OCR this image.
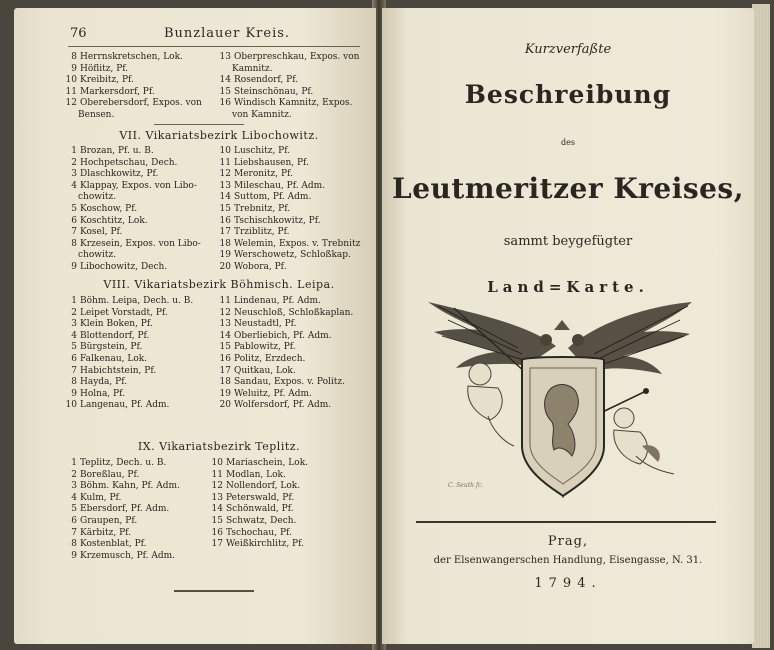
76	Bunzlauer Kreis.
8 Herrnskretschen, Lok.
9 Höflitz, Pf.
10 Kreibitz, Pf.
11 Markersdorf, Pf.
12 Oberebersdorf, Expos. von
Bensen.
13 Oberpreschkau, Expos. von
Kamnitz.
14 Rosendorf, Pf.
15 Steinschönau, Pf.
16 Windisch Kamnitz, Expos.
von Kamnitz.
VII. Vikariatsbezirk Libochowitz.
1 Brozan, Pf. u. B.
2 Hochpetschau, Dech.
3 Dlaschkowitz, Pf.
4 Klappay, Expos. von Libo-
chowitz.
5 Koschow, Pf.
6 Koschtitz, Lok.
7 Kosel, Pf.
8 Krzesein, Expos. von Libo-
chowitz.
9 Libochowitz, Dech.
10 Luschitz, Pf.
11 Liebshausen, Pf.
12 Meronitz, Pf.
13 Mileschau, Pf. Adm.
14 Suttom, Pf. Adm.
15 Trebnitz, Pf.
16 Tschischkowitz, Pf.
17 Trziblitz, Pf.
18 Welemin, Expos. v. Trebnitz
19 Werschowetz, Schloßkap.
20 Wobora, Pf.
VIII. Vikariatsbezirk Böhmisch. Leipa.
1 Böhm. Leipa, Dech. u. B.
2 Leipet Vorstadt, Pf.
3 Klein Boken, Pf.
4 Blottendorf, Pf.
5 Bürgstein, Pf.
6 Falkenau, Lok.
7 Habichtstein, Pf.
8 Hayda, Pf.
9 Holna, Pf.
10 Langenau, Pf. Adm.
11 Lindenau, Pf. Adm.
12 Neuschloß, Schloßkaplan.
13 Neustadtl, Pf.
14 Oberliebich, Pf. Adm.
15 Pablowitz, Pf.
16 Politz, Erzdech.
17 Quitkau, Lok.
18 Sandau, Expos. v. Politz.
19 Weluitz, Pf. Adm.
20 Wolfersdorf, Pf. Adm.
IX. Vikariatsbezirk Teplitz.
1 Teplitz, Dech. u. B.
2 Boreßlau, Pf.
3 Böhm. Kahn, Pf. Adm.
4 Kulm, Pf.
5 Ebersdorf, Pf. Adm.
6 Graupen, Pf.
7 Kärbitz, Pf.
8 Kostenblat, Pf.
9 Krzemusch, Pf. Adm.
10 Mariaschein, Lok.
11 Modlan, Lok.
12 Nollendorf, Lok.
13 Peterswald, Pf.
14 Schönwald, Pf.
15 Schwatz, Dech.
16 Tschochau, Pf.
17 Weißkirchlitz, Pf.
Kurzverfaßte
Beschreibung
des
Leutmeritzer Kreises,
sammt beygefügter
Land=Karte.
C. Seuth fc.
Prag,
der Elsenwangerschen Handlung, Eisengasse, N. 31.
1794.
